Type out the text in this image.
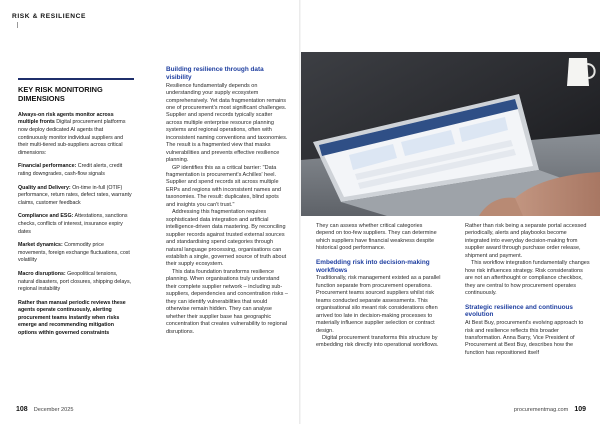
RISK & RESILIENCE
KEY RISK MONITORING DIMENSIONS
Always-on risk agents monitor across multiple fronts Digital procurement platforms now deploy dedicated AI agents that continuously monitor individual suppliers and their multi-tiered sub-suppliers across critical dimensions:
Financial performance: Credit alerts, credit rating downgrades, cash-flow signals
Quality and Delivery: On-time in-full (OTIF) performance, return rates, defect rates, warranty claims, customer feedback
Compliance and ESG: Attestations, sanctions checks, conflicts of interest, insurance expiry dates
Market dynamics: Commodity price movements, foreign exchange fluctuations, cost volatility
Macro disruptions: Geopolitical tensions, natural disasters, port closures, shipping delays, regional instability
Rather than manual periodic reviews these agents operate continuously, alerting procurement teams instantly when risks emerge and recommending mitigation options within governed constraints
Building resilience through data visibility

Resilience fundamentally depends on understanding your supply ecosystem comprehensively. Yet data fragmentation remains one of procurement's most significant challenges. Supplier and spend records typically scatter across multiple enterprise resource planning systems and regional operations, often with inconsistent naming conventions and taxonomies. The result is a fragmented view that masks vulnerabilities and prevents effective resilience planning.

GP identifies this as a critical barrier: "Data fragmentation is procurement's Achilles' heel. Supplier and spend records sit across multiple ERPs and regions with inconsistent names and taxonomies. The result: duplicates, blind spots and insights you can't trust."

Addressing this fragmentation requires sophisticated data integration and artificial intelligence-driven data mastering. By reconciling supplier records against trusted external sources and standardising spend categories through natural language processing, organisations can establish a single, governed source of truth about their supply ecosystem.

This data foundation transforms resilience planning. When organisations truly understand their complete supplier network – including sub-suppliers, dependencies and concentration risks – they can identify vulnerabilities that would otherwise remain hidden. They can analyse whether their supplier base has geographic concentration that creates vulnerability to regional disruptions.

They can assess whether critical categories depend on too-few suppliers. They can determine which suppliers have financial weakness despite historical good performance.

Embedding risk into decision-making workflows

Traditionally, risk management existed as a parallel function separate from procurement operations. Procurement teams sourced suppliers whilst risk teams conducted separate assessments. This organisational silo meant risk considerations often arrived too late in decision-making processes to materially influence supplier selection or contract design.

Digital procurement transforms this structure by embedding risk directly into operational workflows.

Rather than risk being a separate portal accessed periodically, alerts and playbooks become integrated into everyday decision-making from supplier award through purchase order release, shipment and payment.

This workflow integration fundamentally changes how risk influences strategy. Risk considerations are not an afterthought or compliance checkbox, they are central to how procurement operates continuously.

Strategic resilience and continuous evolution

At Best Buy, procurement's evolving approach to risk and resilience reflects this broader transformation. Anna Barry, Vice President of Procurement at Best Buy, describes how the function has repositioned itself

108 December 2025	procurementmag.com 109
